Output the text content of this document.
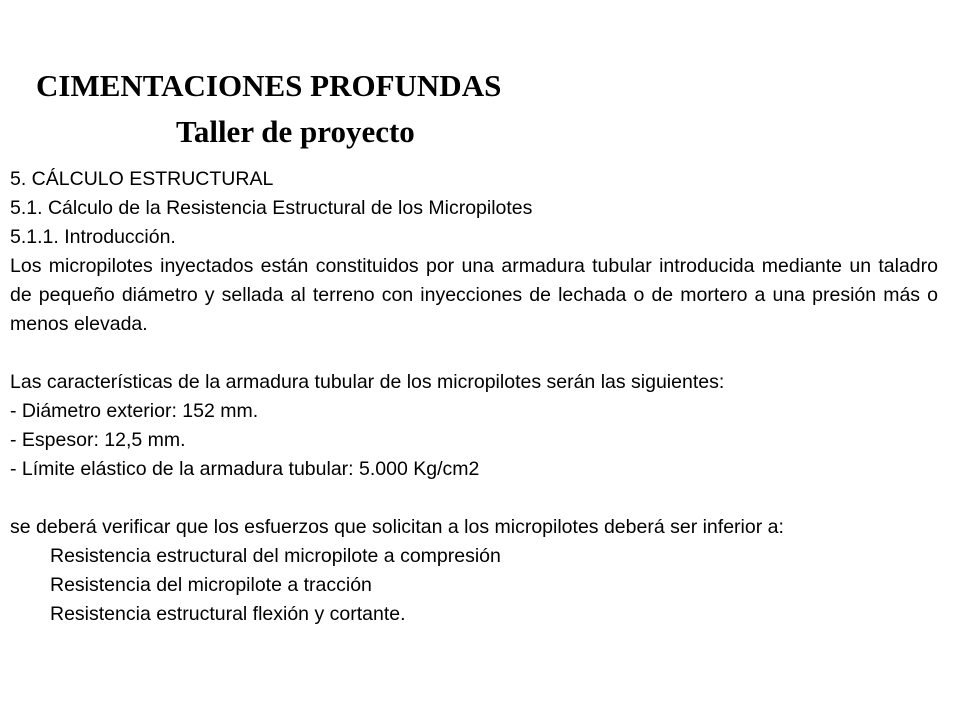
CIMENTACIONES PROFUNDAS
Taller de proyecto
5. CÁLCULO ESTRUCTURAL
5.1. Cálculo de la Resistencia Estructural de los Micropilotes
5.1.1. Introducción.
Los micropilotes inyectados están constituidos por una armadura tubular introducida mediante un taladro de pequeño diámetro y sellada al terreno con inyecciones de lechada o de mortero a una presión más o menos elevada.
Las características de la armadura tubular de los micropilotes serán las siguientes:
- Diámetro exterior: 152 mm.
- Espesor: 12,5 mm.
- Límite elástico de la armadura tubular: 5.000 Kg/cm2
se deberá verificar que los esfuerzos que solicitan a los micropilotes deberá ser inferior a:
Resistencia estructural del micropilote a compresión
Resistencia del micropilote a tracción
Resistencia estructural flexión y cortante.
